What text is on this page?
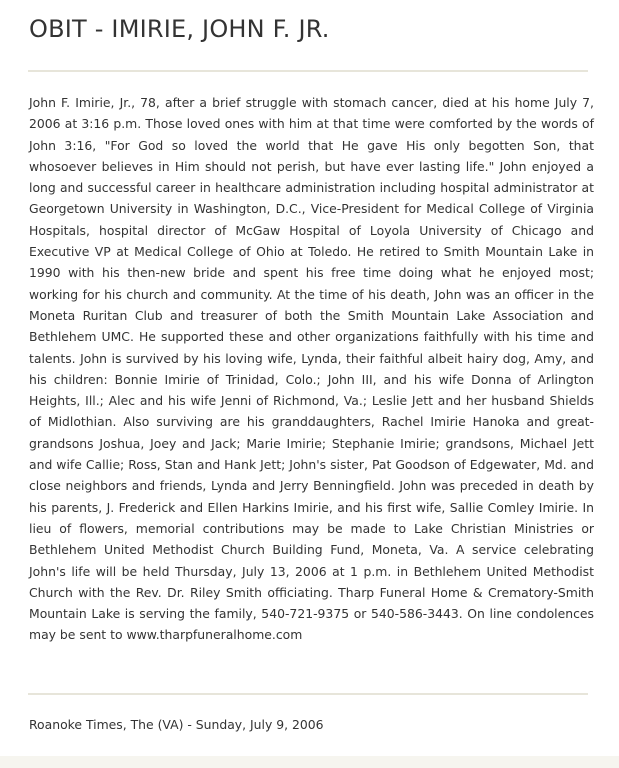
OBIT - IMIRIE, JOHN F. JR.

John F. Imirie, Jr., 78, after a brief struggle with stomach cancer, died at his home July 7, 2006 at 3:16 p.m. Those loved ones with him at that time were comforted by the words of John 3:16, "For God so loved the world that He gave His only begotten Son, that whosoever believes in Him should not perish, but have ever lasting life." John enjoyed a long and successful career in healthcare administration including hospital administrator at Georgetown University in Washington, D.C., Vice-President for Medical College of Virginia Hospitals, hospital director of McGaw Hospital of Loyola University of Chicago and Executive VP at Medical College of Ohio at Toledo. He retired to Smith Mountain Lake in 1990 with his then-new bride and spent his free time doing what he enjoyed most; working for his church and community. At the time of his death, John was an officer in the Moneta Ruritan Club and treasurer of both the Smith Mountain Lake Association and Bethlehem UMC. He supported these and other organizations faithfully with his time and talents. John is survived by his loving wife, Lynda, their faithful albeit hairy dog, Amy, and his children: Bonnie Imirie of Trinidad, Colo.; John III, and his wife Donna of Arlington Heights, Ill.; Alec and his wife Jenni of Richmond, Va.; Leslie Jett and her husband Shields of Midlothian. Also surviving are his granddaughters, Rachel Imirie Hanoka and great-grandsons Joshua, Joey and Jack; Marie Imirie; Stephanie Imirie; grandsons, Michael Jett and wife Callie; Ross, Stan and Hank Jett; John's sister, Pat Goodson of Edgewater, Md. and close neighbors and friends, Lynda and Jerry Benningfield. John was preceded in death by his parents, J. Frederick and Ellen Harkins Imirie, and his first wife, Sallie Comley Imirie. In lieu of flowers, memorial contributions may be made to Lake Christian Ministries or Bethlehem United Methodist Church Building Fund, Moneta, Va. A service celebrating John's life will be held Thursday, July 13, 2006 at 1 p.m. in Bethlehem United Methodist Church with the Rev. Dr. Riley Smith officiating. Tharp Funeral Home & Crematory-Smith Mountain Lake is serving the family, 540-721-9375 or 540-586-3443. On line condolences may be sent to www.tharpfuneralhome.com

Roanoke Times, The (VA) - Sunday, July 9, 2006
